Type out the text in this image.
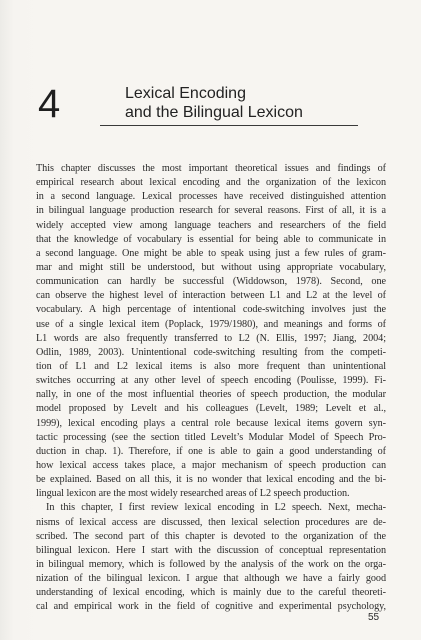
4	Lexical Encoding
and the Bilingual Lexicon
This chapter discusses the most important theoretical issues and findings of
empirical research about lexical encoding and the organization of the lexicon
in a second language. Lexical processes have received distinguished attention
in bilingual language production research for several reasons. First of all, it is a
widely accepted view among language teachers and researchers of the field
that the knowledge of vocabulary is essential for being able to communicate in
a second language. One might be able to speak using just a few rules of gram-
mar and might still be understood, but without using appropriate vocabulary,
communication can hardly be successful (Widdowson, 1978). Second, one
can observe the highest level of interaction between L1 and L2 at the level of
vocabulary. A high percentage of intentional code-switching involves just the
use of a single lexical item (Poplack, 1979/1980), and meanings and forms of
L1 words are also frequently transferred to L2 (N. Ellis, 1997; Jiang, 2004;
Odlin, 1989, 2003). Unintentional code-switching resulting from the competi-
tion of L1 and L2 lexical items is also more frequent than unintentional
switches occurring at any other level of speech encoding (Poulisse, 1999). Fi-
nally, in one of the most influential theories of speech production, the modular
model proposed by Levelt and his colleagues (Levelt, 1989; Levelt et al.,
1999), lexical encoding plays a central role because lexical items govern syn-
tactic processing (see the section titled Levelt’s Modular Model of Speech Pro-
duction in chap. 1). Therefore, if one is able to gain a good understanding of
how lexical access takes place, a major mechanism of speech production can
be explained. Based on all this, it is no wonder that lexical encoding and the bi-
lingual lexicon are the most widely researched areas of L2 speech production.
In this chapter, I first review lexical encoding in L2 speech. Next, mecha-
nisms of lexical access are discussed, then lexical selection procedures are de-
scribed. The second part of this chapter is devoted to the organization of the
bilingual lexicon. Here I start with the discussion of conceptual representation
in bilingual memory, which is followed by the analysis of the work on the orga-
nization of the bilingual lexicon. I argue that although we have a fairly good
understanding of lexical encoding, which is mainly due to the careful theoreti-
cal and empirical work in the field of cognitive and experimental psychology,
55
